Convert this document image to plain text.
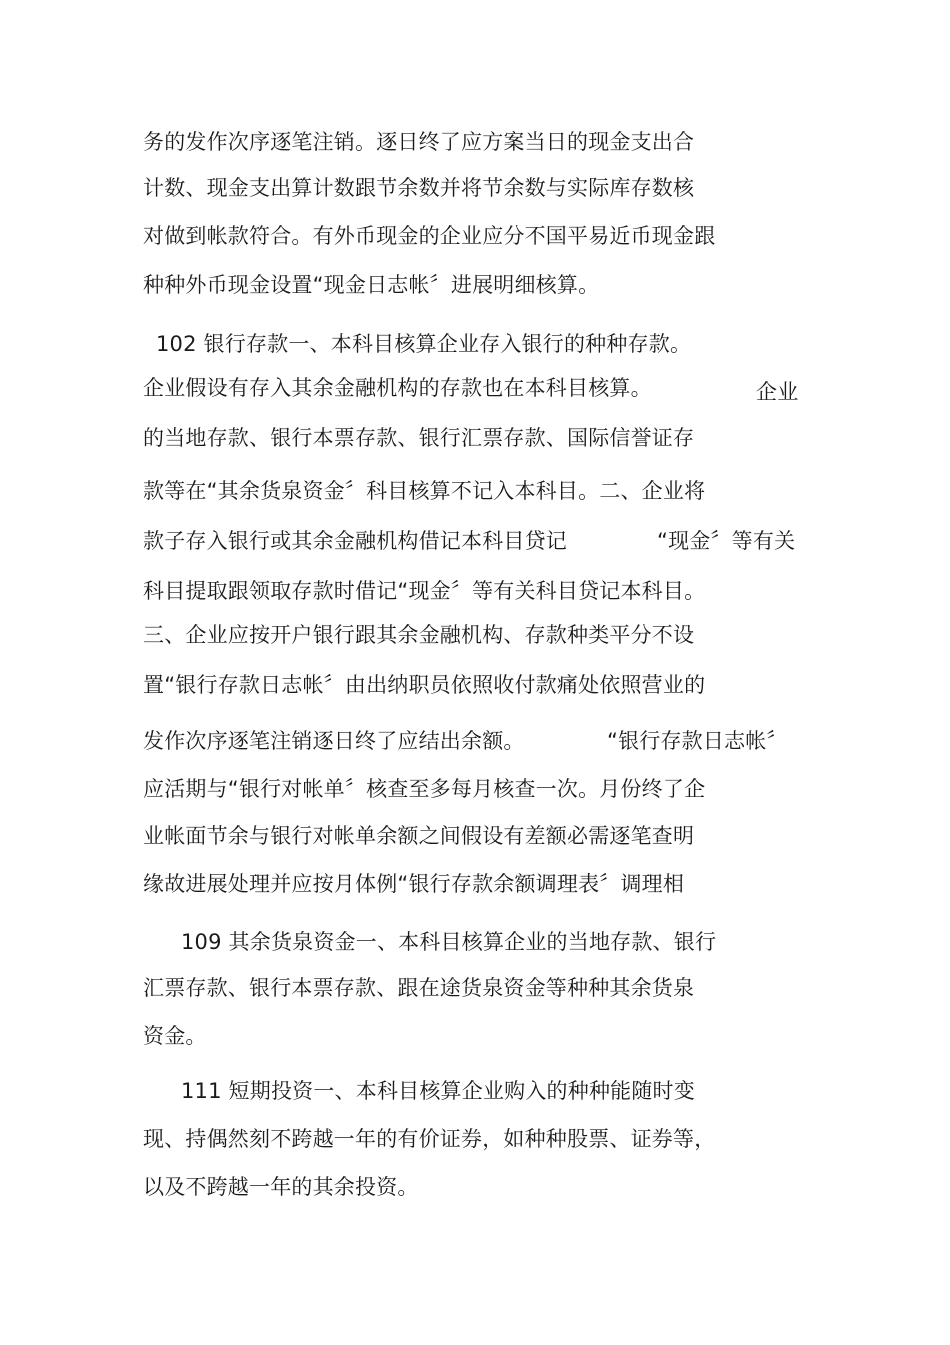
务的发作次序逐笔注销。逐日终了应方案当日的现金支出合
计数、现金支出算计数跟节余数并将节余数与实际库存数核
对做到帐款符合。有外币现金的企业应分不国平易近币现金跟
种种外币现金设置“现金日志帐〞进展明细核算。
102 银行存款一、本科目核算企业存入银行的种种存款。
企业假设有存入其余金融机构的存款也在本科目核算。	企业
的当地存款、银行本票存款、银行汇票存款、国际信誉证存
款等在“其余货泉资金〞科目核算不记入本科目。二、企业将
款子存入银行或其余金融机构借记本科目贷记	“现金〞等有关
科目提取跟领取存款时借记“现金〞等有关科目贷记本科目。
三、企业应按开户银行跟其余金融机构、存款种类平分不设
置“银行存款日志帐〞由出纳职员依照收付款痛处依照营业的
发作次序逐笔注销逐日终了应结出余额。	“银行存款日志帐〞
应活期与“银行对帐单〞核查至多每月核查一次。月份终了企
业帐面节余与银行对帐单余额之间假设有差额必需逐笔查明
缘故进展处理并应按月体例“银行存款余额调理表〞调理相
109 其余货泉资金一、本科目核算企业的当地存款、银行
汇票存款、银行本票存款、跟在途货泉资金等种种其余货泉
资金。
111 短期投资一、本科目核算企业购入的种种能随时变
现、持偶然刻不跨越一年的有价证券，如种种股票、证券等，
以及不跨越一年的其余投资。
